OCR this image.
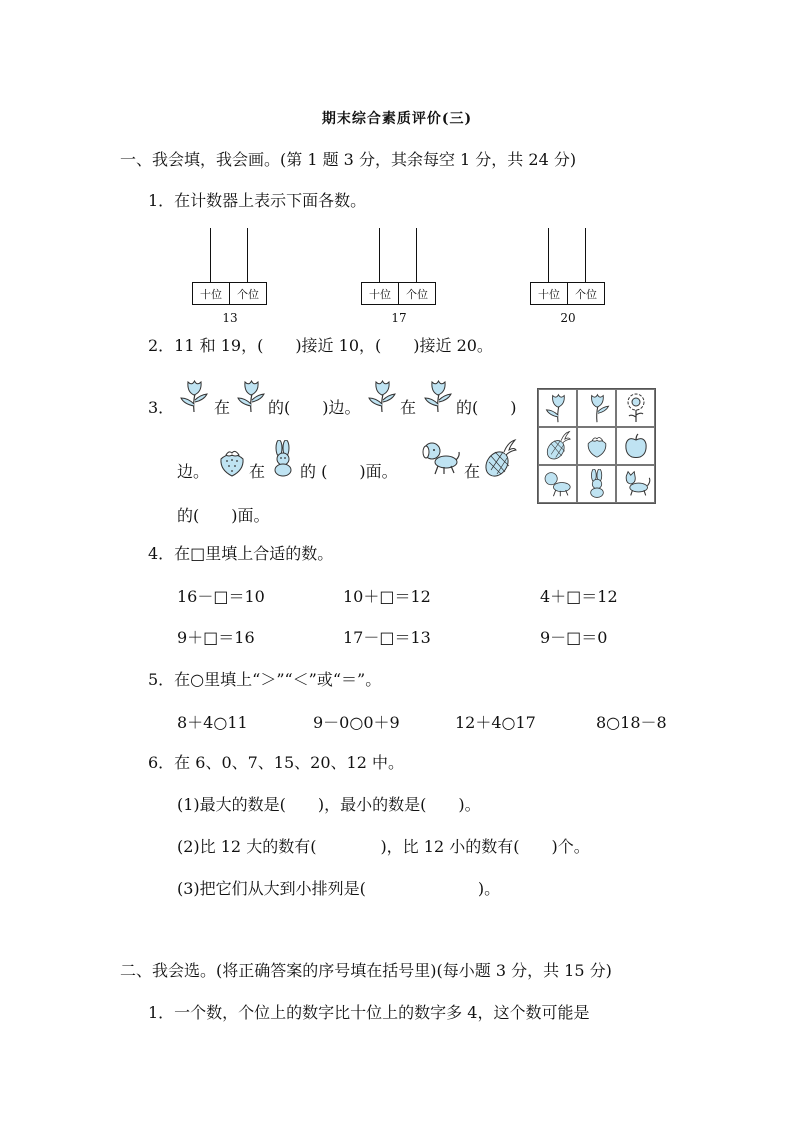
期末综合素质评价(三)
一、我会填，我会画。(第 1 题 3 分，其余每空 1 分，共 24 分)
1．在计数器上表示下面各数。
十位	个位
13
十位	个位
17
十位	个位
20
2．11 和 19，(　　)接近 10，(　　)接近 20。
3． 在 的(　　)边。 在 的(　　)
边。 在 的 (　　)面。	在
的(　　)面。
4．在□里填上合适的数。
16－□＝10	10＋□＝12	4＋□＝12
9＋□＝16	17－□＝13	9－□＝0
5．在○里填上“＞”“＜”或“＝”。
8＋4○11	9－0○0＋9	12＋4○17	8○18－8
6．在 6、0、7、15、20、12 中。
(1)最大的数是(　　)，最小的数是(　　)。
(2)比 12 大的数有(　　　　)，比 12 小的数有(　　)个。
(3)把它们从大到小排列是(　　　　　　　)。
二、我会选。(将正确答案的序号填在括号里)(每小题 3 分，共 15 分)
1．一个数，个位上的数字比十位上的数字多 4，这个数可能是
